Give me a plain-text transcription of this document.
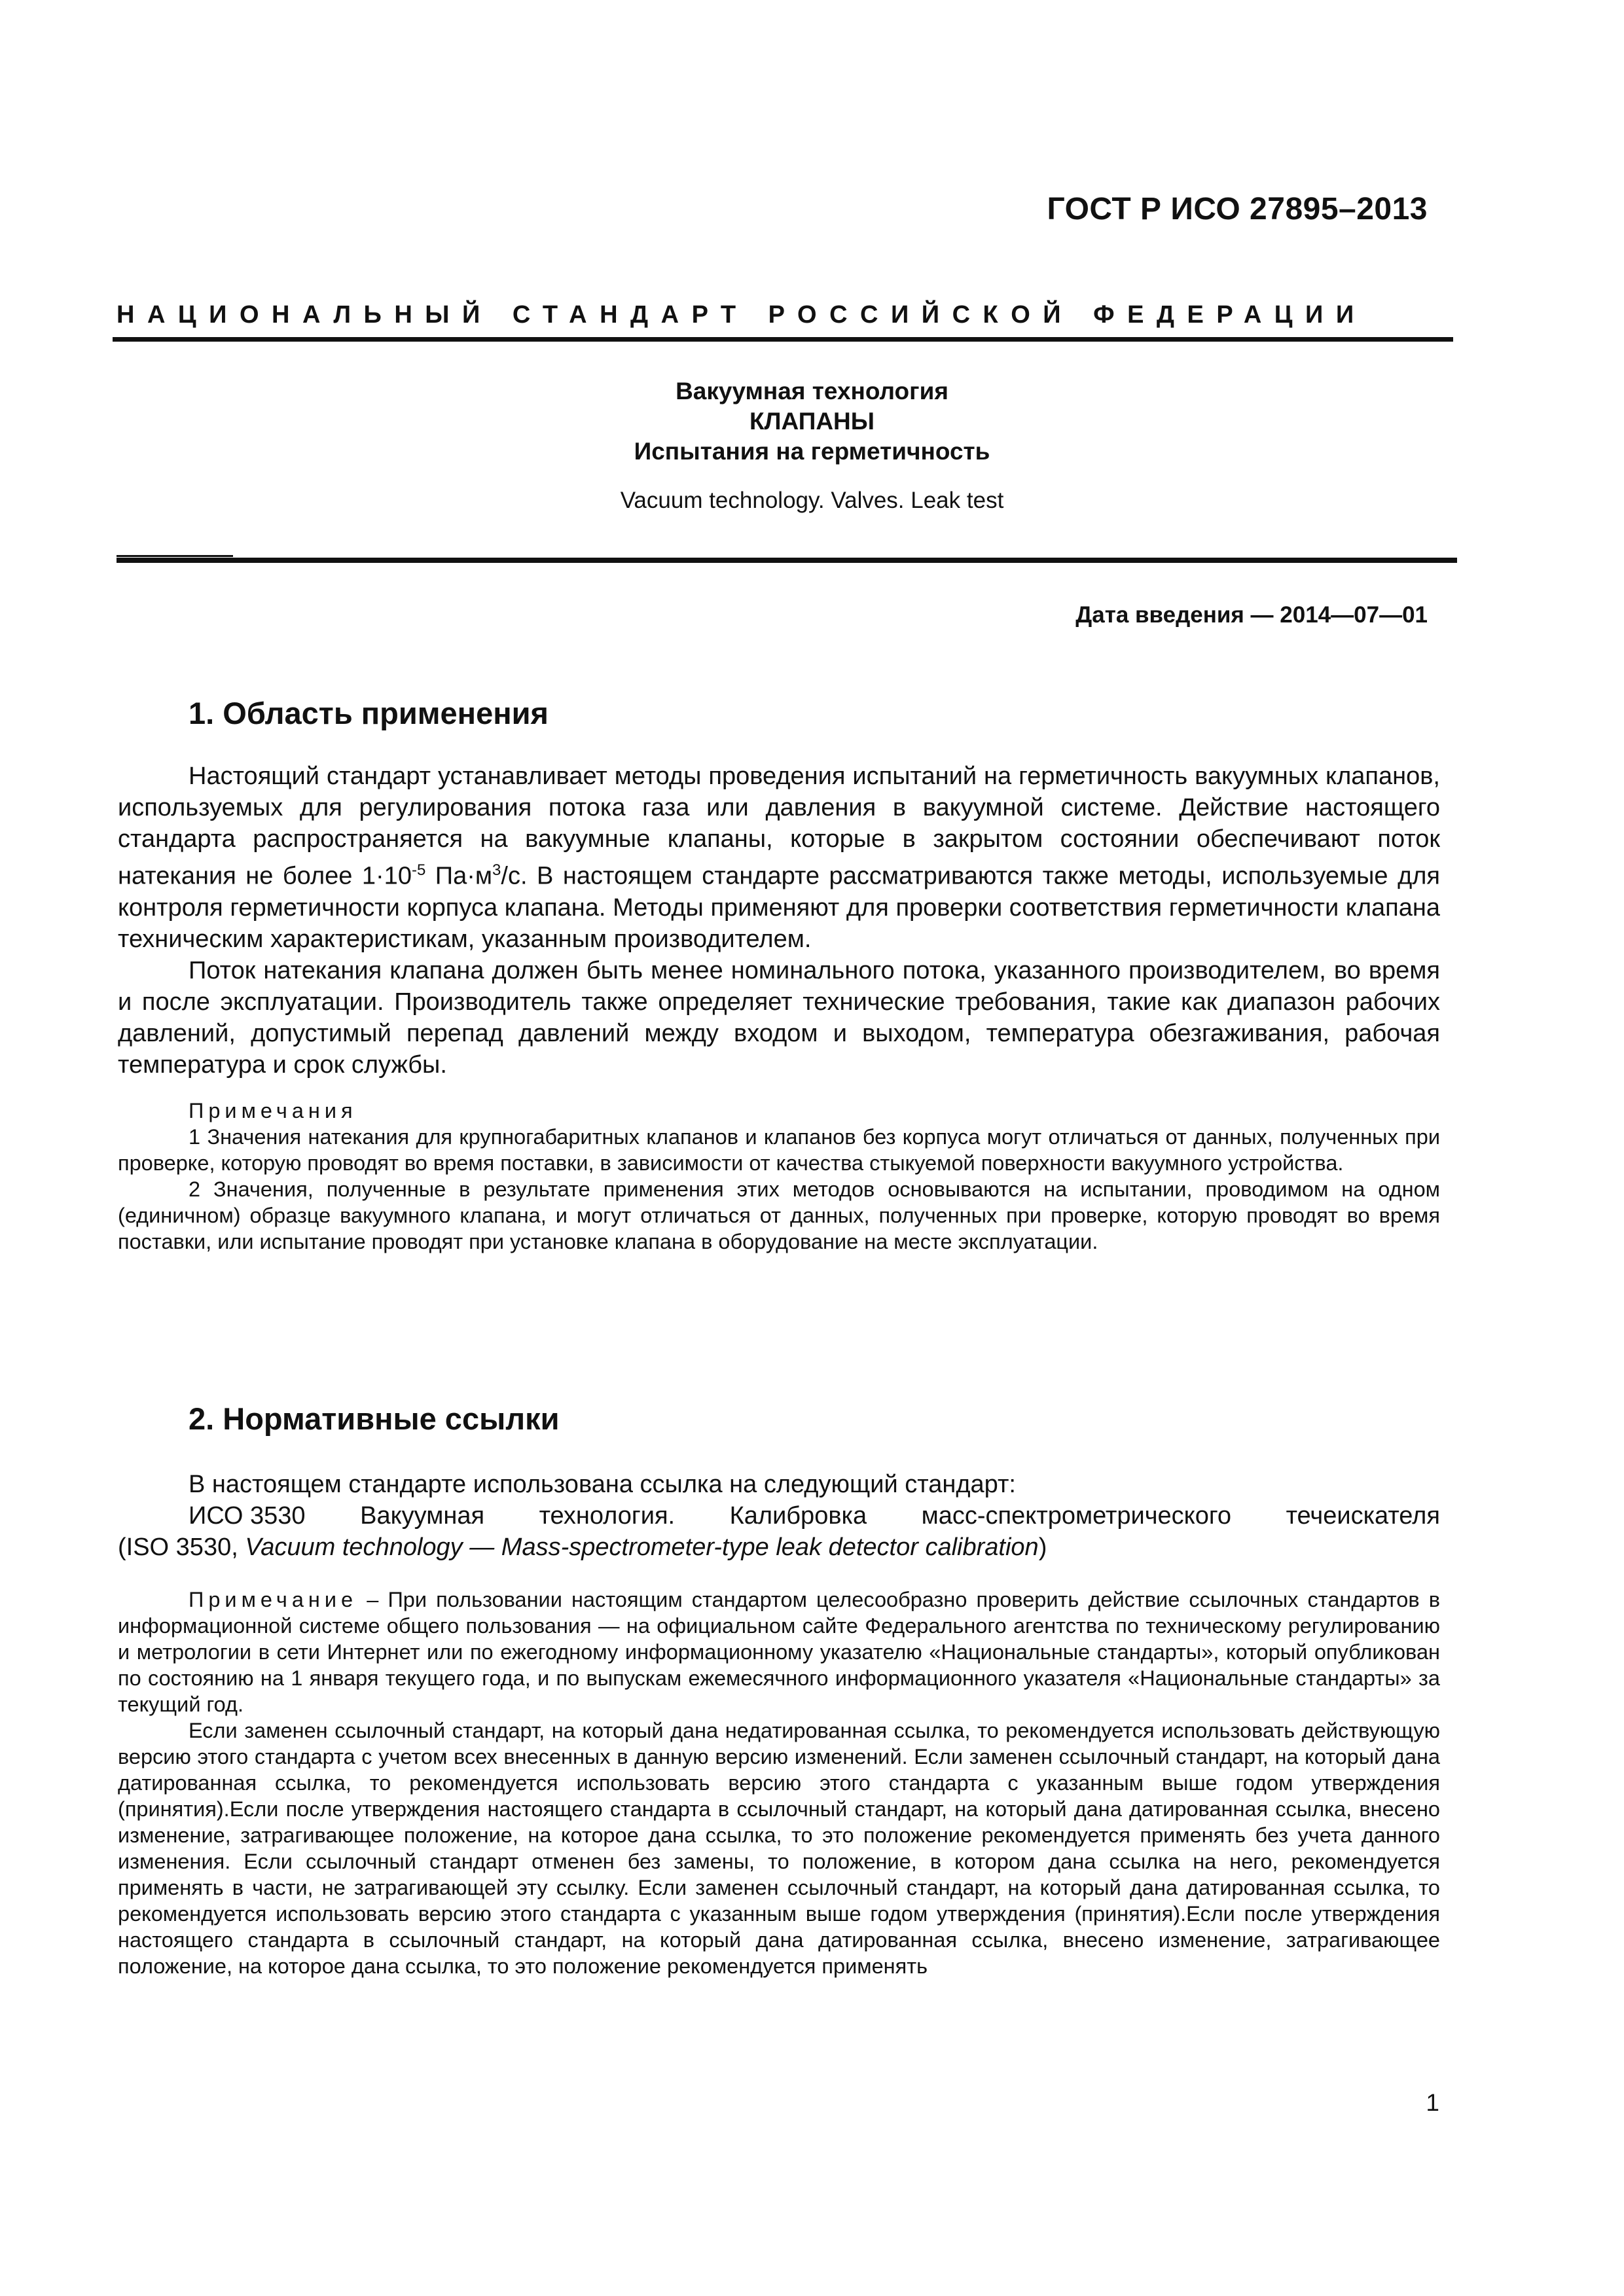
ГОСТ Р ИСО 27895–2013
НАЦИОНАЛЬНЫЙ СТАНДАРТ РОССИЙСКОЙ ФЕДЕРАЦИИ
Вакуумная технология
КЛАПАНЫ
Испытания на герметичность
Vacuum technology. Valves. Leak test
Дата введения — 2014—07—01
1. Область применения

Настоящий стандарт устанавливает методы проведения испытаний на герметичность вакуумных клапанов, используемых для регулирования потока газа или давления в вакуумной системе. Действие настоящего стандарта распространяется на вакуумные клапаны, которые в закрытом состоянии обеспечивают поток натекания не более $1\cdot 10^{-5}$ $Па\cdot м^3/с$. В настоящем стандарте рассматриваются также методы, используемые для контроля герметичности корпуса клапана. Методы применяют для проверки соответствия герметичности клапана техническим характеристикам, указанным производителем.

Поток натекания клапана должен быть менее номинального потока, указанного производителем, во время и после эксплуатации. Производитель также определяет технические требования, такие как диапазон рабочих давлений, допустимый перепад давлений между входом и выходом, температура обезгаживания, рабочая температура и срок службы.

Примечания

1 Значения натекания для крупногабаритных клапанов и клапанов без корпуса могут отличаться от данных, полученных при проверке, которую проводят во время поставки, в зависимости от качества стыкуемой поверхности вакуумного устройства.

2 Значения, полученные в результате применения этих методов основываются на испытании, проводимом на одном (единичном) образце вакуумного клапана, и могут отличаться от данных, полученных при проверке, которую проводят во время поставки, или испытание проводят при установке клапана в оборудование на месте эксплуатации.

2. Нормативные ссылки

В настоящем стандарте использована ссылка на следующий стандарт:

ИСО 3530 Вакуумная технология. Калибровка масс-спектрометрического течеискателя

(ISO 3530, Vacuum technology — Mass-spectrometer-type leak detector calibration)

Примечание – При пользовании настоящим стандартом целесообразно проверить действие ссылочных стандартов в информационной системе общего пользования — на официальном сайте Федерального агентства по техническому регулированию и метрологии в сети Интернет или по ежегодному информационному указателю «Национальные стандарты», который опубликован по состоянию на 1 января текущего года, и по выпускам ежемесячного информационного указателя «Национальные стандарты» за текущий год.

Если заменен ссылочный стандарт, на который дана недатированная ссылка, то рекомендуется использовать действующую версию этого стандарта с учетом всех внесенных в данную версию изменений. Если заменен ссылочный стандарт, на который дана датированная ссылка, то рекомендуется использовать версию этого стандарта с указанным выше годом утверждения (принятия).Если после утверждения настоящего стандарта в ссылочный стандарт, на который дана датированная ссылка, внесено изменение, затрагивающее положение, на которое дана ссылка, то это положение рекомендуется применять без учета данного изменения. Если ссылочный стандарт отменен без замены, то положение, в котором дана ссылка на него, рекомендуется применять в части, не затрагивающей эту ссылку. Если заменен ссылочный стандарт, на который дана датированная ссылка, то рекомендуется использовать версию этого стандарта с указанным выше годом утверждения (принятия).Если после утверждения настоящего стандарта в ссылочный стандарт, на который дана датированная ссылка, внесено изменение, затрагивающее положение, на которое дана ссылка, то это положение рекомендуется применять

1
